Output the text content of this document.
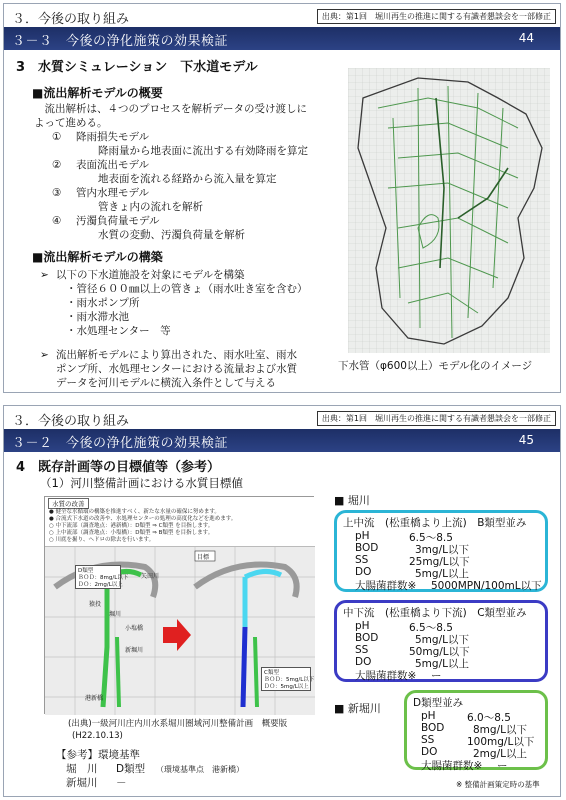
３．今後の取り組み	出典：第1回　堀川再生の推進に関する有識者懇談会を一部修正
３－３　今後の浄化施策の効果検証	44
3　水質シミュレーション　下水道モデル
■流出解析モデルの概要
　流出解析は、４つのプロセスを解析データの受け渡しに
よって進める。
① 降雨損失モデル
降雨量から地表面に流出する有効降雨を算定
② 表面流出モデル
地表面を流れる経路から流入量を算定
③ 管内水理モデル
管きょ内の流れを解析
④ 汚濁負荷量モデル
水質の変動、汚濁負荷量を解析
■流出解析モデルの構築
➢ 以下の下水道施設を対象にモデルを構築
・管径６００㎜以上の管きょ（雨水吐き室を含む）
・雨水ポンプ所
・雨水滞水池
・水処理センター　等
➢ 流出解析モデルにより算出された、雨水吐室、雨水
ポンプ所、水処理センターにおける流量および水質
データを河川モデルに横流入条件として与える
下水管（φ600以上）モデル化のイメージ
３．今後の取り組み	出典：第1回　堀川再生の推進に関する有識者懇談会を一部修正
３－２　今後の浄化施策の効果検証	45
4　既存計画等の目標値等（参考）
（1）河川整備計画における水質目標値
水質の改善
● 健全な水循環の構築を推進すべく、新たな水量の確保に努めます。
● 合流式下水道の改善や、水処理センターの処理の高度化などを進めます。
○ 中下流部（調査地点：港新橋）：D類型 ⇒ C類型 を目指します。
○ 上中流部（調査地点：小塩橋）：D類型 ⇒ B類型 を目指します。
○ 川底を掘り、ヘドロの除去を行います。
目標
D類型
ＢＯＤ：8mg/L以下
ＤＯ：2mg/L以上
C類型
ＢＯＤ：5mg/L以下
ＤＯ：5mg/L以上
猿投
堀川
新堀川
矢田川
小塩橋
港新橋
(出典)一級河川庄内川水系堀川圏域河川整備計画　概要版
(H22.10.13)
【参考】環境基準
堀　川 D類型 （環境基準点　港新橋）
新堀川 －
■ 堀川
上中流　(松重橋より上流)　B類型並み
pH	6.5～8.5
BOD	3mg/L以下
SS	25mg/L以下
DO	5mg/L以上
大腸菌群数※ 5000MPN/100mL以下
中下流　(松重橋より下流)　C類型並み
pH	6.5～8.5
BOD	5mg/L以下
SS	50mg/L以下
DO	5mg/L以上
大腸菌群数※ ー
■ 新堀川	D類型並み
pH	6.0～8.5
BOD	8mg/L以下
SS	100mg/L以下
DO	2mg/L以上
大腸菌群数※ ー
※ 整備計画策定時の基準
